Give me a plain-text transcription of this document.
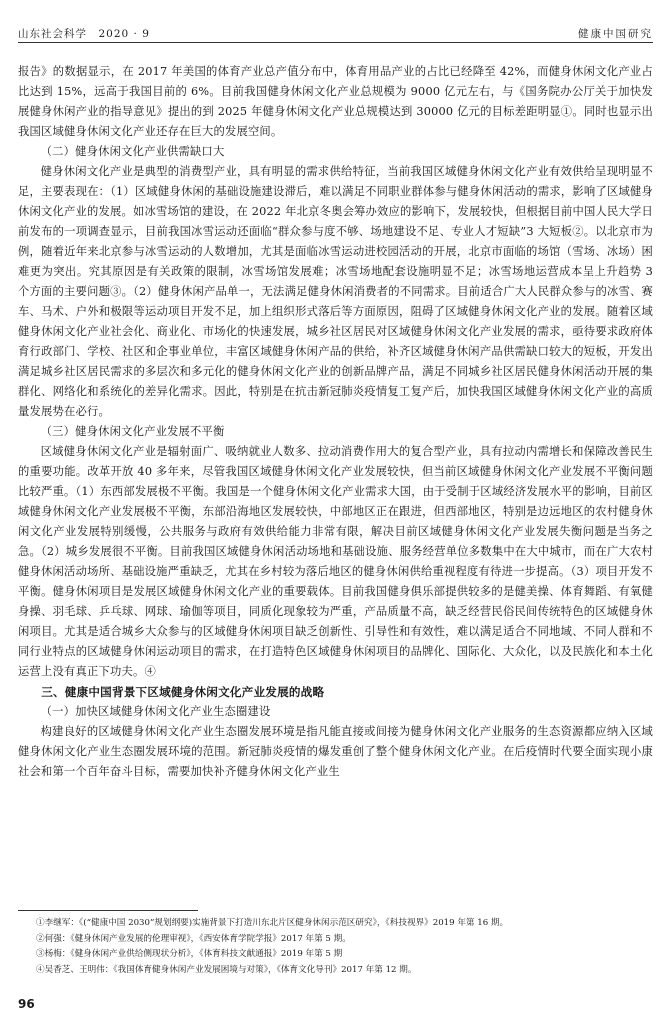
山东社会科学　2020 · 9	健康中国研究

报告》的数据显示，在 2017 年美国的体育产业总产值分布中，体育用品产业的占比已经降至 42%，而健身休闲文化产业占比达到 15%，远高于我国目前的 6%。目前我国健身休闲文化产业总规模为 9000 亿元左右，与《国务院办公厅关于加快发展健身休闲产业的指导意见》提出的到 2025 年健身休闲文化产业总规模达到 30000 亿元的目标差距明显①。同时也显示出我国区域健身休闲文化产业还存在巨大的发展空间。

（二）健身休闲文化产业供需缺口大

健身休闲文化产业是典型的消费型产业，具有明显的需求供给特征，当前我国区域健身休闲文化产业有效供给呈现明显不足，主要表现在：（1）区域健身休闲的基础设施建设滞后，难以满足不同职业群体参与健身休闲活动的需求，影响了区域健身休闲文化产业的发展。如冰雪场馆的建设，在 2022 年北京冬奥会筹办效应的影响下，发展较快，但根据目前中国人民大学日前发布的一项调查显示，目前我国冰雪运动还面临“群众参与度不够、场地建设不足、专业人才短缺”3 大短板②。以北京市为例，随着近年来北京参与冰雪运动的人数增加，尤其是面临冰雪运动进校园活动的开展，北京市面临的场馆（雪场、冰场）困难更为突出。究其原因是有关政策的限制，冰雪场馆发展难；冰雪场地配套设施明显不足；冰雪场地运营成本呈上升趋势 3 个方面的主要问题③。（2）健身休闲产品单一，无法满足健身休闲消费者的不同需求。目前适合广大人民群众参与的冰雪、赛车、马术、户外和极限等运动项目开发不足，加上组织形式落后等方面原因，阻碍了区域健身休闲文化产业的发展。随着区域健身休闲文化产业社会化、商业化、市场化的快速发展，城乡社区居民对区域健身休闲文化产业发展的需求，亟待要求政府体育行政部门、学校、社区和企事业单位，丰富区域健身休闲产品的供给，补齐区域健身休闲产品供需缺口较大的短板，开发出满足城乡社区居民需求的多层次和多元化的健身休闲文化产业的创新品牌产品，满足不同城乡社区居民健身休闲活动开展的集群化、网络化和系统化的差异化需求。因此，特别是在抗击新冠肺炎疫情复工复产后，加快我国区域健身休闲文化产业的高质量发展势在必行。

（三）健身休闲文化产业发展不平衡

区域健身休闲文化产业是辐射面广、吸纳就业人数多、拉动消费作用大的复合型产业，具有拉动内需增长和保障改善民生的重要功能。改革开放 40 多年来，尽管我国区域健身休闲文化产业发展较快，但当前区域健身休闲文化产业发展不平衡问题比较严重。（1）东西部发展极不平衡。我国是一个健身休闲文化产业需求大国，由于受制于区域经济发展水平的影响，目前区域健身休闲文化产业发展极不平衡，东部沿海地区发展较快，中部地区正在跟进，但西部地区，特别是边远地区的农村健身休闲文化产业发展特别缓慢，公共服务与政府有效供给能力非常有限，解决目前区域健身休闲文化产业发展失衡问题是当务之急。（2）城乡发展很不平衡。目前我国区域健身休闲活动场地和基础设施、服务经营单位多数集中在大中城市，而在广大农村健身休闲活动场所、基础设施严重缺乏，尤其在乡村较为落后地区的健身休闲供给重视程度有待进一步提高。（3）项目开发不平衡。健身休闲项目是发展区域健身休闲文化产业的重要载体。目前我国健身俱乐部提供较多的是健美操、体育舞蹈、有氧健身操、羽毛球、乒乓球、网球、瑜伽等项目，同质化现象较为严重，产品质量不高，缺乏经营民俗民间传统特色的区域健身休闲项目。尤其是适合城乡大众参与的区域健身休闲项目缺乏创新性、引导性和有效性，难以满足适合不同地域、不同人群和不同行业特点的区域健身休闲运动项目的需求，在打造特色区域健身休闲项目的品牌化、国际化、大众化，以及民族化和本土化运营上没有真正下功夫。④

三、健康中国背景下区域健身休闲文化产业发展的战略
（一）加快区域健身休闲文化产业生态圈建设

构建良好的区域健身休闲文化产业生态圈发展环境是指凡能直接或间接为健身休闲文化产业服务的生态资源都应纳入区域健身休闲文化产业生态圈发展环境的范围。新冠肺炎疫情的爆发重创了整个健身休闲文化产业。在后疫情时代要全面实现小康社会和第一个百年奋斗目标，需要加快补齐健身休闲文化产业生

①李继军：《(“健康中国 2030”规划纲要)实施背景下打造川东北片区健身休闲示范区研究》，《科技视界》2019 年第 16 期。
②何强：《健身休闲产业发展的伦理审视》，《西安体育学院学报》2017 年第 5 期。
③杨梅：《健身休闲产业供给侧现状分析》，《体育科技文献通报》2019 年第 5 期
④吴香芝、王明伟：《我国体育健身休闲产业发展困境与对策》，《体育文化导刊》2017 年第 12 期。
96
